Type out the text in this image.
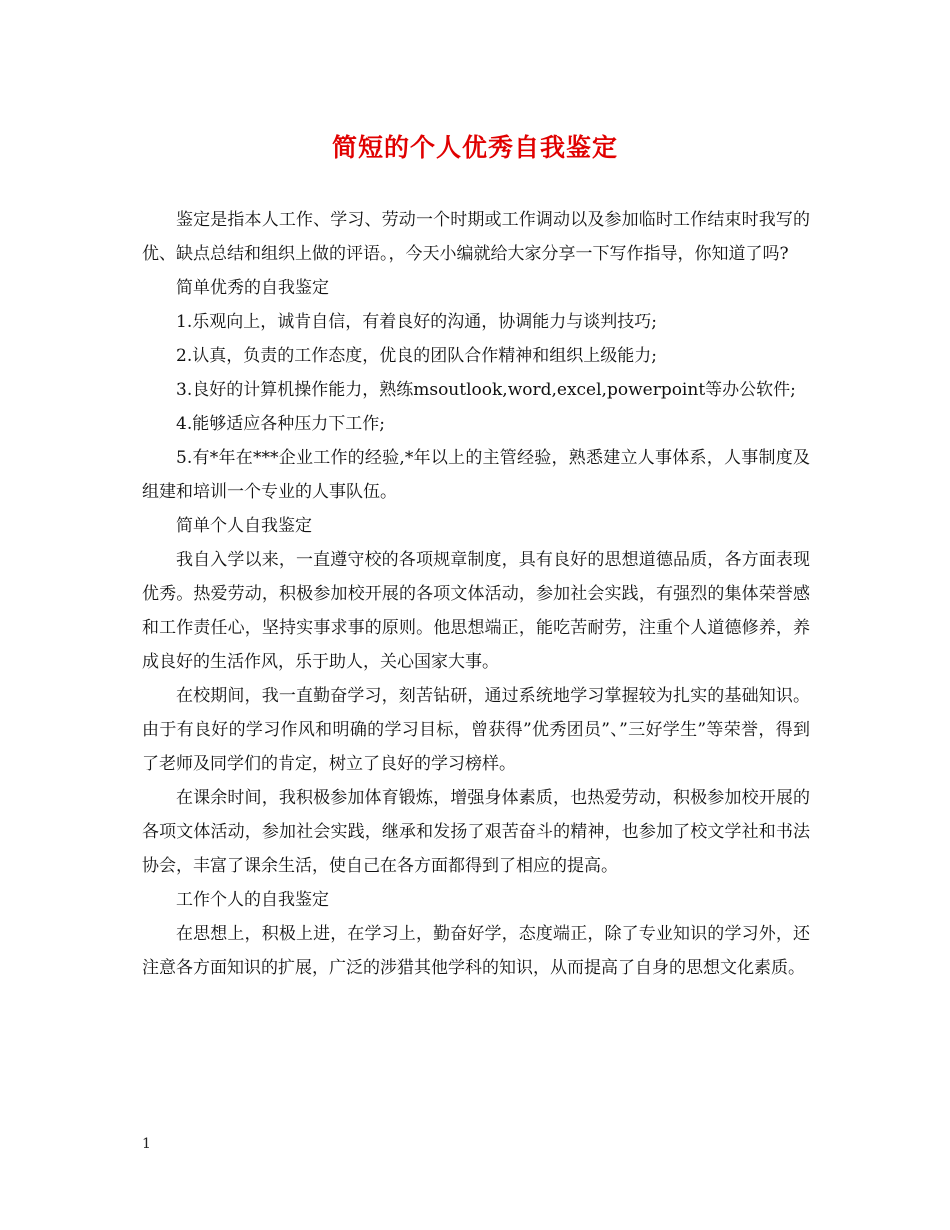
简短的个人优秀自我鉴定

鉴定是指本人工作、学习、劳动一个时期或工作调动以及参加临时工作结束时我写的优、缺点总结和组织上做的评语。，今天小编就给大家分享一下写作指导，你知道了吗?

简单优秀的自我鉴定

1.乐观向上，诚肯自信，有着良好的沟通，协调能力与谈判技巧;

2.认真，负责的工作态度，优良的团队合作精神和组织上级能力;

3.良好的计算机操作能力，熟练msoutlook,word,excel,powerpoint等办公软件;

4.能够适应各种压力下工作;

5.有*年在***企业工作的经验,*年以上的主管经验，熟悉建立人事体系，人事制度及组建和培训一个专业的人事队伍。

简单个人自我鉴定

我自入学以来，一直遵守校的各项规章制度，具有良好的思想道德品质，各方面表现优秀。热爱劳动，积极参加校开展的各项文体活动，参加社会实践，有强烈的集体荣誉感和工作责任心，坚持实事求事的原则。他思想端正，能吃苦耐劳，注重个人道德修养，养成良好的生活作风，乐于助人，关心国家大事。

在校期间，我一直勤奋学习，刻苦钻研，通过系统地学习掌握较为扎实的基础知识。由于有良好的学习作风和明确的学习目标，曾获得”优秀团员”、”三好学生”等荣誉，得到了老师及同学们的肯定，树立了良好的学习榜样。

在课余时间，我积极参加体育锻炼，增强身体素质，也热爱劳动，积极参加校开展的各项文体活动，参加社会实践，继承和发扬了艰苦奋斗的精神，也参加了校文学社和书法协会，丰富了课余生活，使自己在各方面都得到了相应的提高。

工作个人的自我鉴定

在思想上，积极上进，在学习上，勤奋好学，态度端正，除了专业知识的学习外，还注意各方面知识的扩展，广泛的涉猎其他学科的知识，从而提高了自身的思想文化素质。

1
